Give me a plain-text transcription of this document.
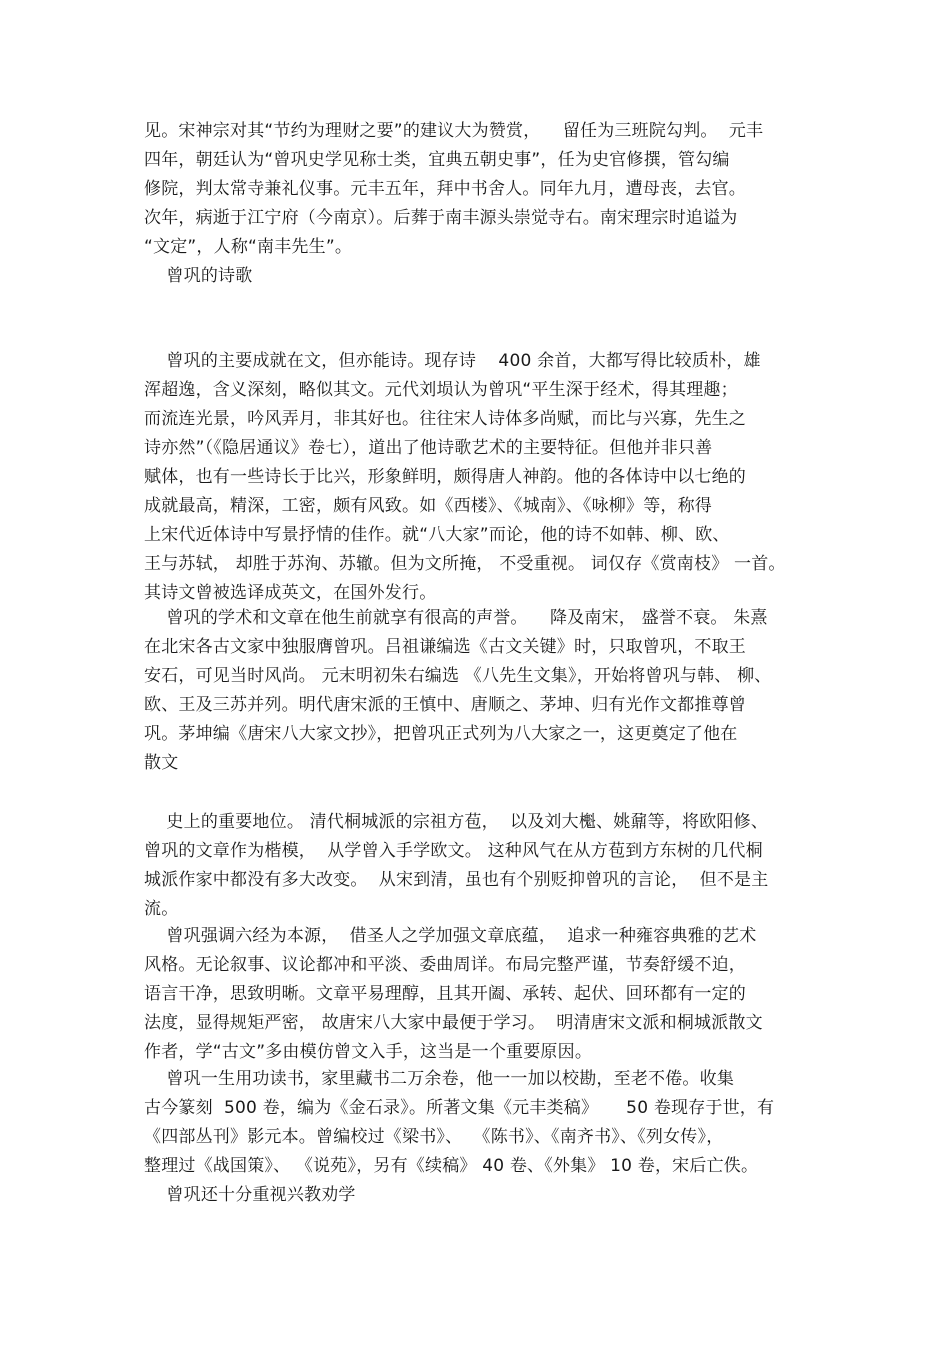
见。宋神宗对其“节约为理财之要”的建议大为赞赏，    留任为三班院勾判。  元丰
四年，朝廷认为“曾巩史学见称士类，宜典五朝史事”，任为史官修撰，管勾编
修院，判太常寺兼礼仪事。元丰五年，拜中书舍人。同年九月，遭母丧，去官。
次年，病逝于江宁府（今南京）。后葬于南丰源头崇觉寺右。南宋理宗时追谥为
“文定”，人称“南丰先生”。
曾巩的诗歌
曾巩的主要成就在文，但亦能诗。现存诗    400 余首，大都写得比较质朴，雄
浑超逸，含义深刻，略似其文。元代刘埙认为曾巩“平生深于经术，得其理趣；
而流连光景，吟风弄月，非其好也。往往宋人诗体多尚赋，而比与兴寡，先生之
诗亦然”（《隐居通议》卷七），道出了他诗歌艺术的主要特征。但他并非只善
赋体，也有一些诗长于比兴，形象鲜明，颇得唐人神韵。他的各体诗中以七绝的
成就最高，精深，工密，颇有风致。如《西楼》、《城南》、《咏柳》等，称得
上宋代近体诗中写景抒情的佳作。就“八大家”而论，他的诗不如韩、柳、欧、
王与苏轼， 却胜于苏洵、苏辙。但为文所掩， 不受重视。 词仅存《赏南枝》 一首。
其诗文曾被选译成英文，在国外发行。
曾巩的学术和文章在他生前就享有很高的声誉。    降及南宋， 盛誉不衰。 朱熹
在北宋各古文家中独服膺曾巩。吕祖谦编选《古文关键》时，只取曾巩，不取王
安石，可见当时风尚。 元末明初朱右编选 《八先生文集》，开始将曾巩与韩、 柳、
欧、王及三苏并列。明代唐宋派的王慎中、唐顺之、茅坤、归有光作文都推尊曾
巩。茅坤编《唐宋八大家文抄》，把曾巩正式列为八大家之一，这更奠定了他在
散文
史上的重要地位。 清代桐城派的宗祖方苞，  以及刘大櫆、姚鼐等，将欧阳修、
曾巩的文章作为楷模，  从学曾入手学欧文。 这种风气在从方苞到方东树的几代桐
城派作家中都没有多大改变。  从宋到清，虽也有个别贬抑曾巩的言论，  但不是主
流。
曾巩强调六经为本源，  借圣人之学加强文章底蕴，  追求一种雍容典雅的艺术
风格。无论叙事、议论都冲和平淡、委曲周详。布局完整严谨，节奏舒缓不迫，
语言干净，思致明晰。文章平易理醇，且其开阖、承转、起伏、回环都有一定的
法度，显得规矩严密， 故唐宋八大家中最便于学习。  明清唐宋文派和桐城派散文
作者，学“古文”多由模仿曾文入手，这当是一个重要原因。
曾巩一生用功读书，家里藏书二万余卷，他一一加以校勘，至老不倦。收集
古今篆刻  500 卷，编为《金石录》。所著文集《元丰类稿》     50 卷现存于世，有
《四部丛刊》影元本。曾编校过《梁书》、  《陈书》、《南齐书》、《列女传》，
整理过《战国策》、 《说苑》，另有《续稿》 40 卷、《外集》 10 卷，宋后亡佚。
曾巩还十分重视兴教劝学
